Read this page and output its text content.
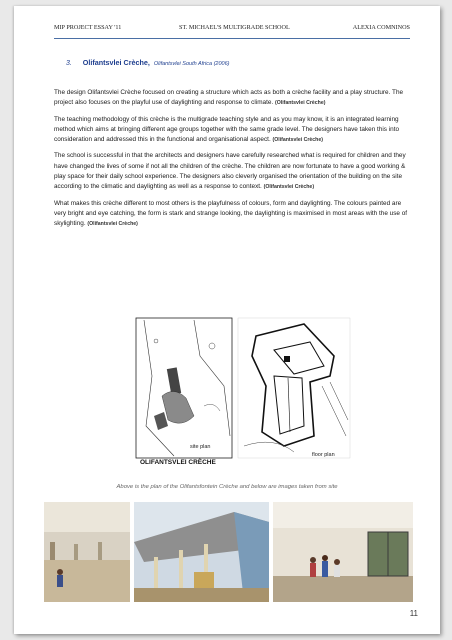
MIP PROJECT ESSAY '11	ST. MICHAEL'S MULTIGRADE SCHOOL	ALEXIA COMNINOS
3. Olifantsvlei Crèche, Olifantsvlei South Africa (2006)

The design Olifantsvlei Crèche focused on creating a structure which acts as both a crèche facility and a play structure. The project also focuses on the playful use of daylighting and response to climate. (Olifantsvlei Crèche)

The teaching methodology of this crèche is the multigrade teaching style and as you may know, it is an integrated learning method which aims at bringing different age groups together with the same grade level. The designers have taken this into consideration and addressed this in the functional and organisational aspect. (Olifantsvlei Crèche)

The school is successful in that the architects and designers have carefully researched what is required for children and they have changed the lives of some if not all the children of the crèche. The children are now fortunate to have a good working & play space for their daily school experience. The designers also cleverly organised the orientation of the building on the site according to the climatic and daylighting as well as a response to context. (Olifantsvlei Crèche)

What makes this crèche different to most others is the playfulness of colours, form and daylighting. The colours painted are very bright and eye catching, the form is stark and strange looking, the daylighting is maximised in most areas with the use of skylighting. (Olifantsvlei Crèche)

site plan
OLIFANTSVLEI CRÈCHE
floor plan
Above is the plan of the Olifantsfontein Crèche and below are images taken from site
11
